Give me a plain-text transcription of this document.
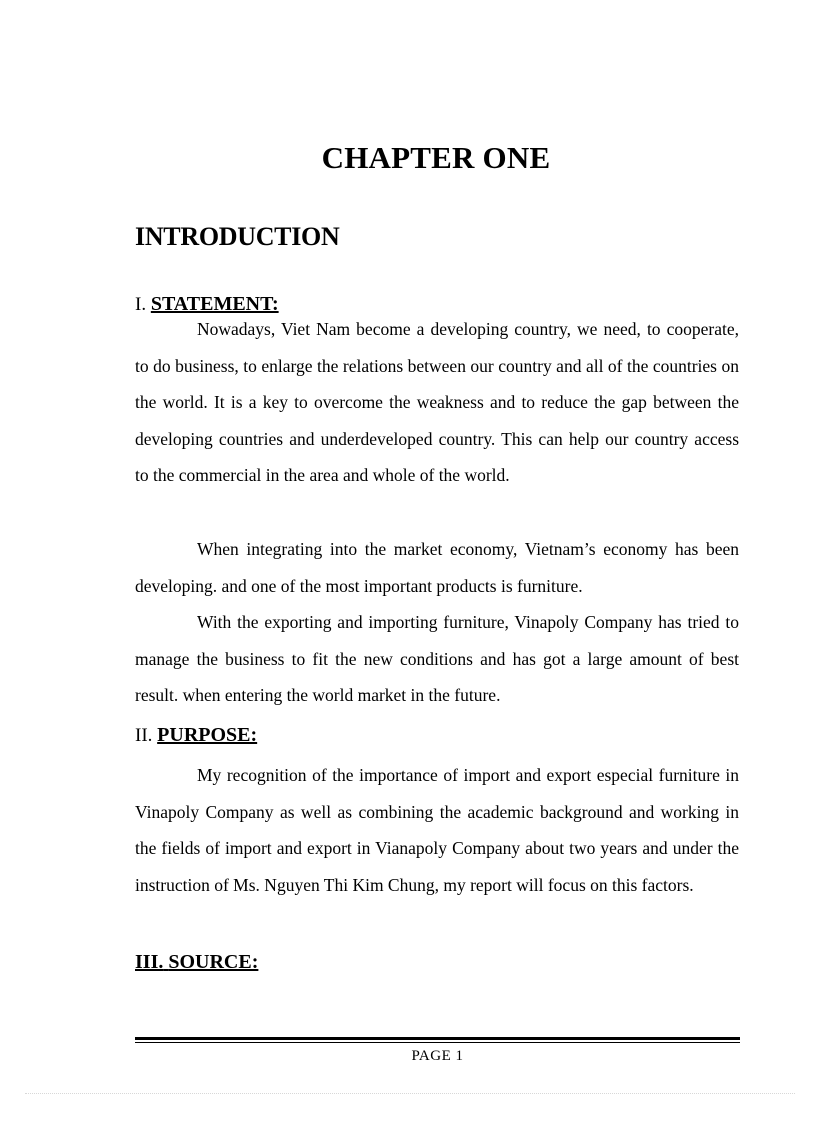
CHAPTER ONE
INTRODUCTION
I. STATEMENT:

Nowadays, Viet Nam become a developing country, we need, to cooperate, to do business, to enlarge the relations between our country and all of the countries on the world. It is a key to overcome the weakness and to reduce the gap between the developing countries and underdeveloped country. This can help our country access to the commercial in the area and whole of the world.

When integrating into the market economy, Vietnam’s economy has been developing. and one of the most important products is furniture.

With the exporting and importing furniture, Vinapoly Company has tried to manage the business to fit the new conditions and has got a large amount of best result. when entering the world market in the future.

II. PURPOSE:

My recognition of the importance of import and export especial furniture in Vinapoly Company as well as combining the academic background and working in the fields of import and export in Vianapoly Company about two years and under the instruction of Ms. Nguyen Thi Kim Chung, my report will focus on this factors.

III. SOURCE:
PAGE 1
